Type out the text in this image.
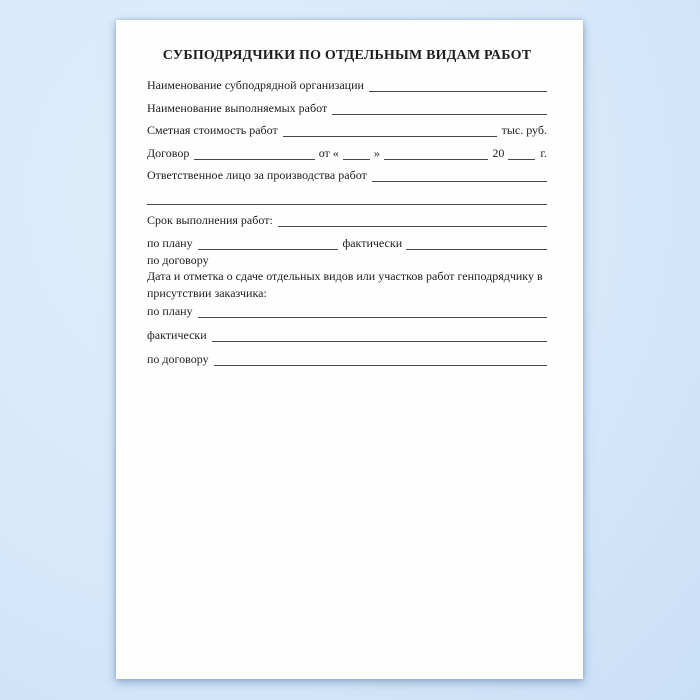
СУБПОДРЯДЧИКИ ПО ОТДЕЛЬНЫМ ВИДАМ РАБОТ
Наименование субподрядной организации
Наименование выполняемых работ
Сметная стоимость работ	тыс. руб.
Договор	от «	»	20	г.
Ответственное лицо за производства работ
Срок выполнения работ:
по плану	фактически
по договору
Дата и отметка о сдаче отдельных видов или участков работ генподрядчику в
присутствии заказчика:
по плану
фактически
по договору
